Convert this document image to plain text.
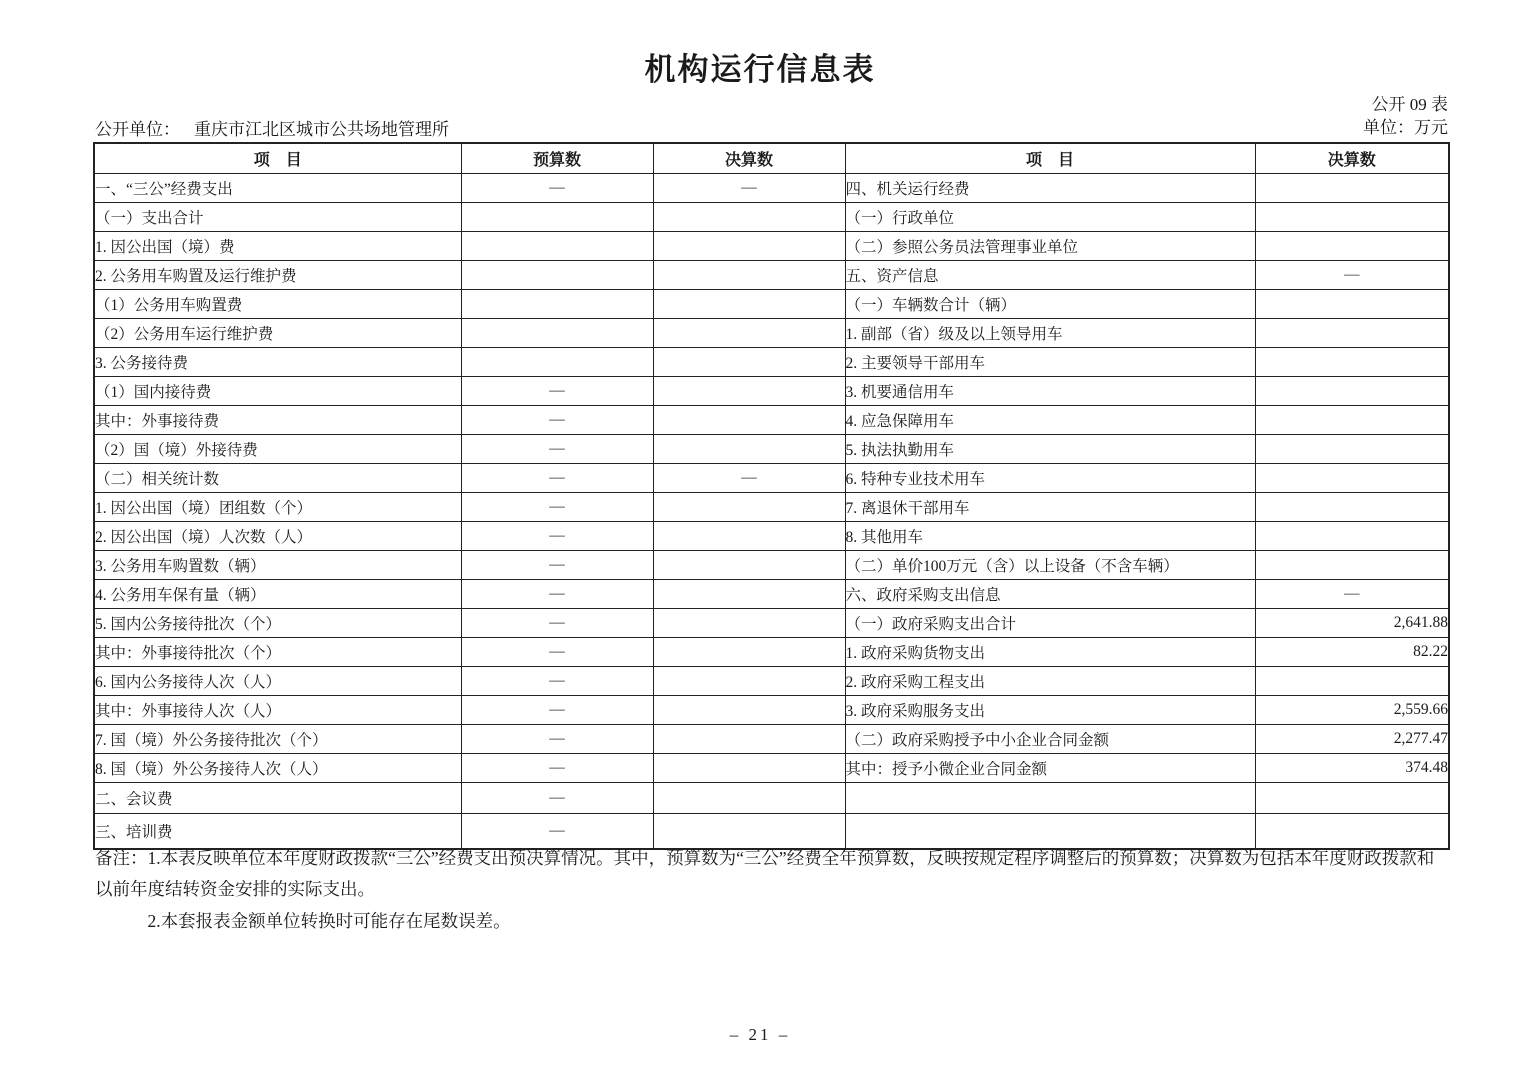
机构运行信息表
公开 09 表
公开单位： 重庆市江北区城市公共场地管理所	单位：万元
项　目	预算数	决算数	项　目	决算数
一、“三公”经费支出	—	—	四、机关运行经费	
（一）支出合计			（一）行政单位	
1. 因公出国（境）费			（二）参照公务员法管理事业单位	
2. 公务用车购置及运行维护费			五、资产信息	—
（1）公务用车购置费			（一）车辆数合计（辆）	
（2）公务用车运行维护费			1. 副部（省）级及以上领导用车	
3. 公务接待费			2. 主要领导干部用车	
（1）国内接待费	—		3. 机要通信用车	
其中：外事接待费	—		4. 应急保障用车	
（2）国（境）外接待费	—		5. 执法执勤用车	
（二）相关统计数	—	—	6. 特种专业技术用车	
1. 因公出国（境）团组数（个）	—		7. 离退休干部用车	
2. 因公出国（境）人次数（人）	—		8. 其他用车	
3. 公务用车购置数（辆）	—		（二）单价100万元（含）以上设备（不含车辆）	
4. 公务用车保有量（辆）	—		六、政府采购支出信息	—
5. 国内公务接待批次（个）	—		（一）政府采购支出合计	2,641.88
其中：外事接待批次（个）	—		1. 政府采购货物支出	82.22
6. 国内公务接待人次（人）	—		2. 政府采购工程支出	
其中：外事接待人次（人）	—		3. 政府采购服务支出	2,559.66
7. 国（境）外公务接待批次（个）	—		（二）政府采购授予中小企业合同金额	2,277.47
8. 国（境）外公务接待人次（人）	—		其中：授予小微企业合同金额	374.48
二、会议费	—			
三、培训费	—			
备注：1.本表反映单位本年度财政拨款“三公”经费支出预决算情况。其中，预算数为“三公”经费全年预算数，反映按规定程序调整后的预算数；决算数为包括本年度财政拨款和以前年度结转资金安排的实际支出。
2.本套报表金额单位转换时可能存在尾数误差。
– 21 –
